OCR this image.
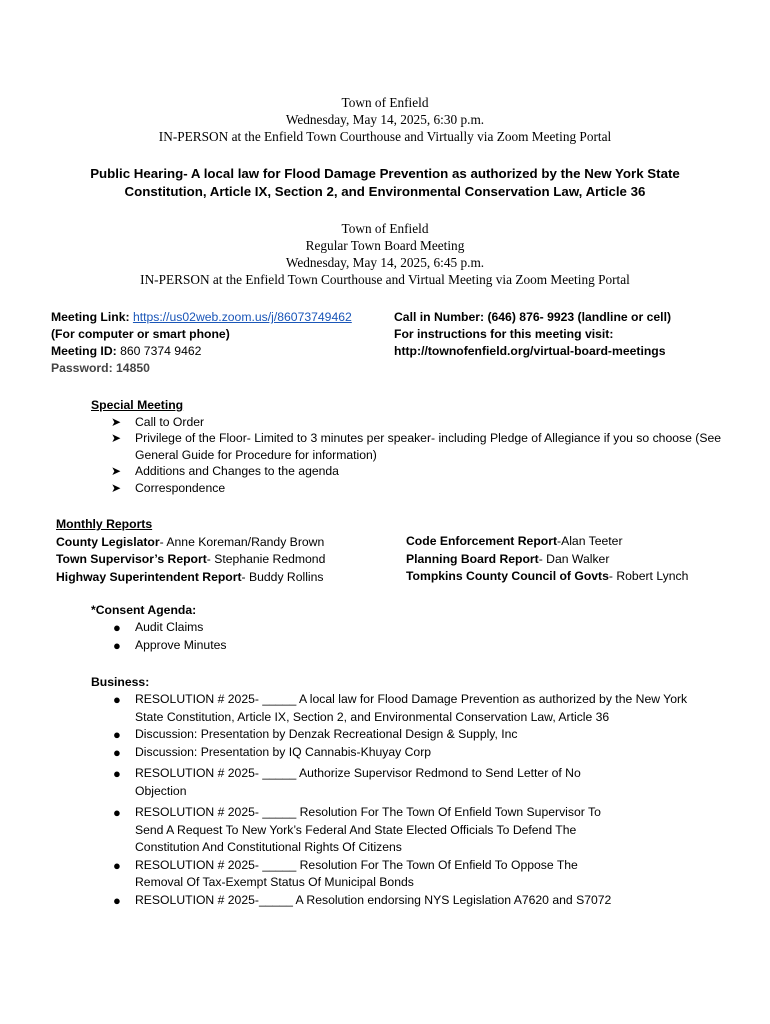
Town of Enfield
Wednesday, May 14, 2025, 6:30 p.m.
IN-PERSON at the Enfield Town Courthouse and Virtually via Zoom Meeting Portal
Public Hearing- A local law for Flood Damage Prevention as authorized by the New York State
Constitution, Article IX, Section 2, and Environmental Conservation Law, Article 36
Town of Enfield
Regular Town Board Meeting
Wednesday, May 14, 2025, 6:45 p.m.
IN-PERSON at the Enfield Town Courthouse and Virtual Meeting via Zoom Meeting Portal
Meeting Link: https://us02web.zoom.us/j/86073749462
(For computer or smart phone)
Meeting ID: 860 7374 9462
Password: 14850
Call in Number: (646) 876- 9923 (landline or cell)
For instructions for this meeting visit:
http://townofenfield.org/virtual-board-meetings
Special Meeting
➤ Call to Order
➤ Privilege of the Floor- Limited to 3 minutes per speaker- including Pledge of Allegiance if you so choose (See General Guide for Procedure for information)
➤ Additions and Changes to the agenda
➤ Correspondence
Monthly Reports
County Legislator- Anne Koreman/Randy Brown
Town Supervisor’s Report- Stephanie Redmond
Highway Superintendent Report- Buddy Rollins
Code Enforcement Report-Alan Teeter
Planning Board Report- Dan Walker
Tompkins County Council of Govts- Robert Lynch
*Consent Agenda:
● Audit Claims
● Approve Minutes
Business:
● RESOLUTION # 2025- _____ A local law for Flood Damage Prevention as authorized by the New York State Constitution, Article IX, Section 2, and Environmental Conservation Law, Article 36
● Discussion: Presentation by Denzak Recreational Design & Supply, Inc
● Discussion: Presentation by IQ Cannabis-Khuyay Corp
● RESOLUTION # 2025- _____ Authorize Supervisor Redmond to Send Letter of No Objection
● RESOLUTION # 2025- _____ Resolution For The Town Of Enfield Town Supervisor To Send A Request To New York’s Federal And State Elected Officials To Defend The Constitution And Constitutional Rights Of Citizens
● RESOLUTION # 2025- _____ Resolution For The Town Of Enfield To Oppose The Removal Of Tax-Exempt Status Of Municipal Bonds
● RESOLUTION # 2025-_____ A Resolution endorsing NYS Legislation A7620 and S7072
